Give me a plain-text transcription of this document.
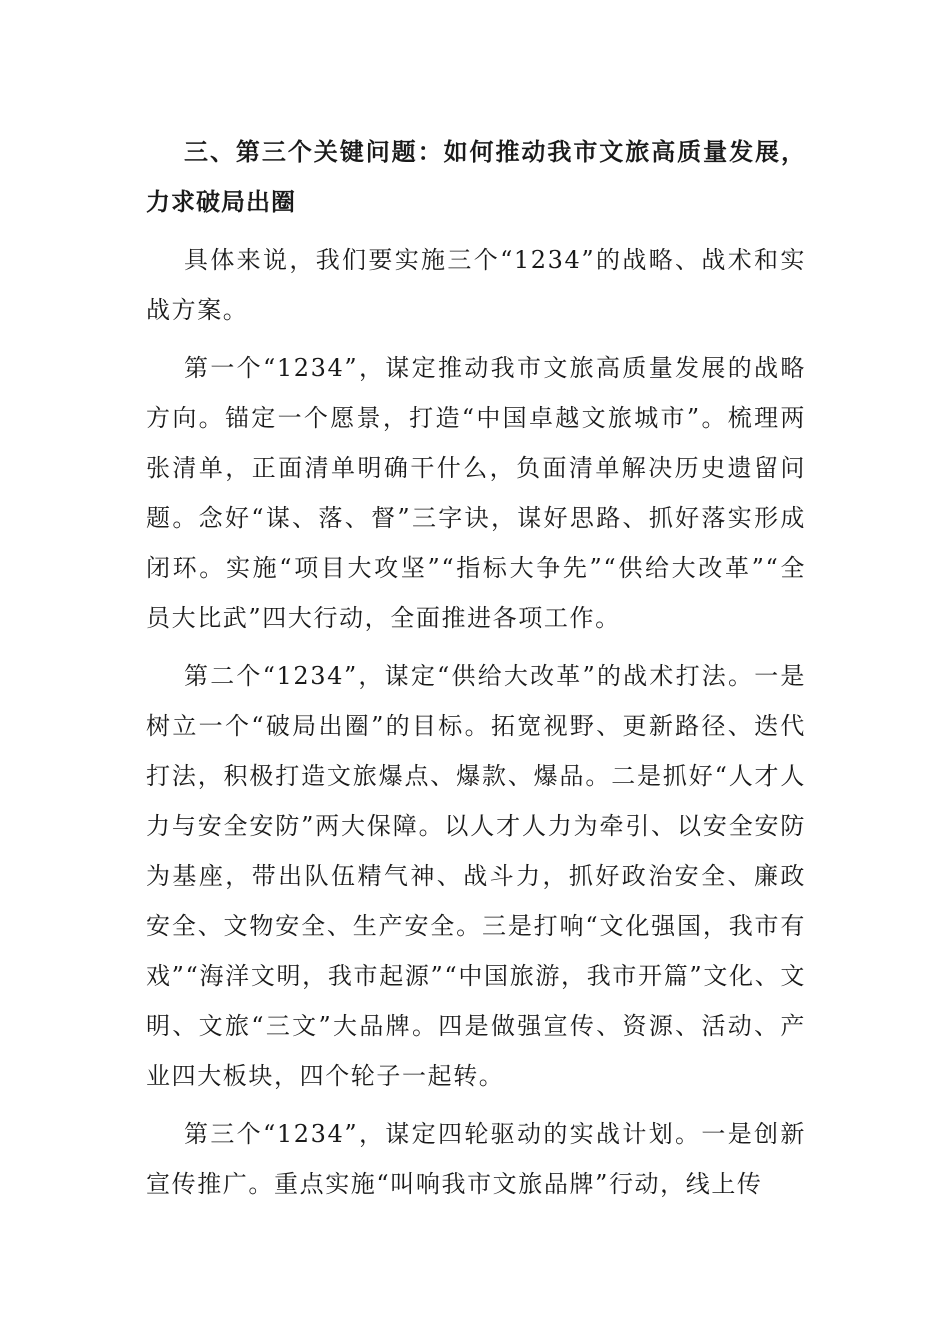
三、第三个关键问题：如何推动我市文旅高质量发展，力求破局出圈

具体来说，我们要实施三个“1234”的战略、战术和实战方案。

第一个“1234”，谋定推动我市文旅高质量发展的战略方向。锚定一个愿景，打造“中国卓越文旅城市”。梳理两张清单，正面清单明确干什么，负面清单解决历史遗留问题。念好“谋、落、督”三字诀，谋好思路、抓好落实形成闭环。实施“项目大攻坚”“指标大争先”“供给大改革”“全员大比武”四大行动，全面推进各项工作。

第二个“1234”，谋定“供给大改革”的战术打法。一是树立一个“破局出圈”的目标。拓宽视野、更新路径、迭代打法，积极打造文旅爆点、爆款、爆品。二是抓好“人才人力与安全安防”两大保障。以人才人力为牵引、以安全安防为基座，带出队伍精气神、战斗力，抓好政治安全、廉政安全、文物安全、生产安全。三是打响“文化强国，我市有戏”“海洋文明，我市起源”“中国旅游，我市开篇”文化、文明、文旅“三文”大品牌。四是做强宣传、资源、活动、产业四大板块，四个轮子一起转。

第三个“1234”，谋定四轮驱动的实战计划。一是创新宣传推广。重点实施“叫响我市文旅品牌”行动，线上传
